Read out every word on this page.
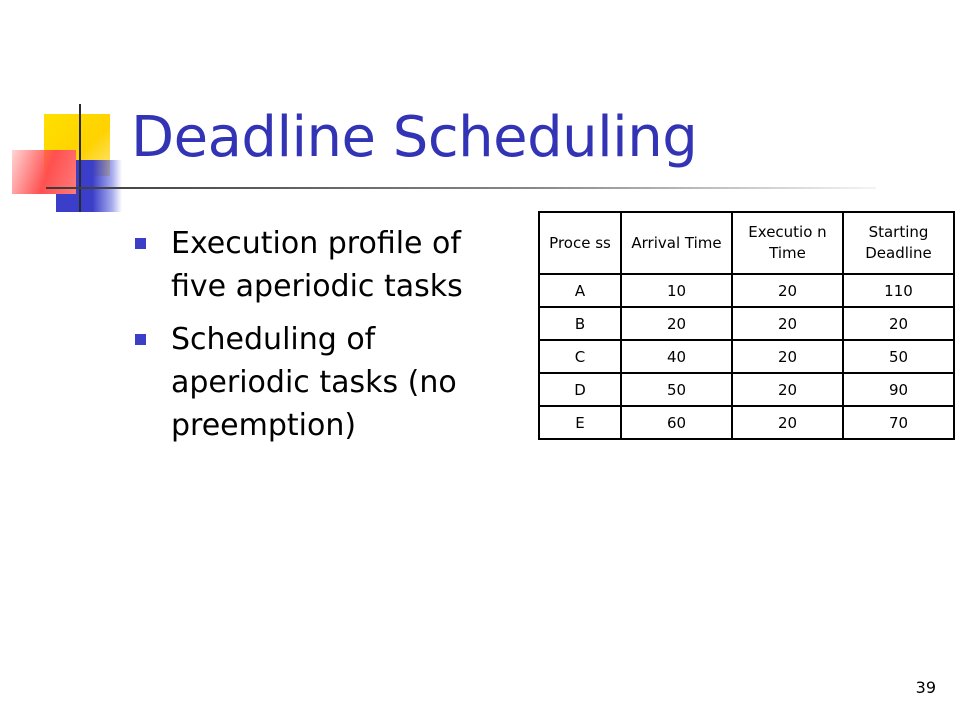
Deadline Scheduling
Execution profile of five aperiodic tasks
Scheduling of aperiodic tasks (no preemption)
Proce ss	Arrival Time	Executio n Time	Starting Deadline
A	10	20	110
B	20	20	20
C	40	20	50
D	50	20	90
E	60	20	70
39
